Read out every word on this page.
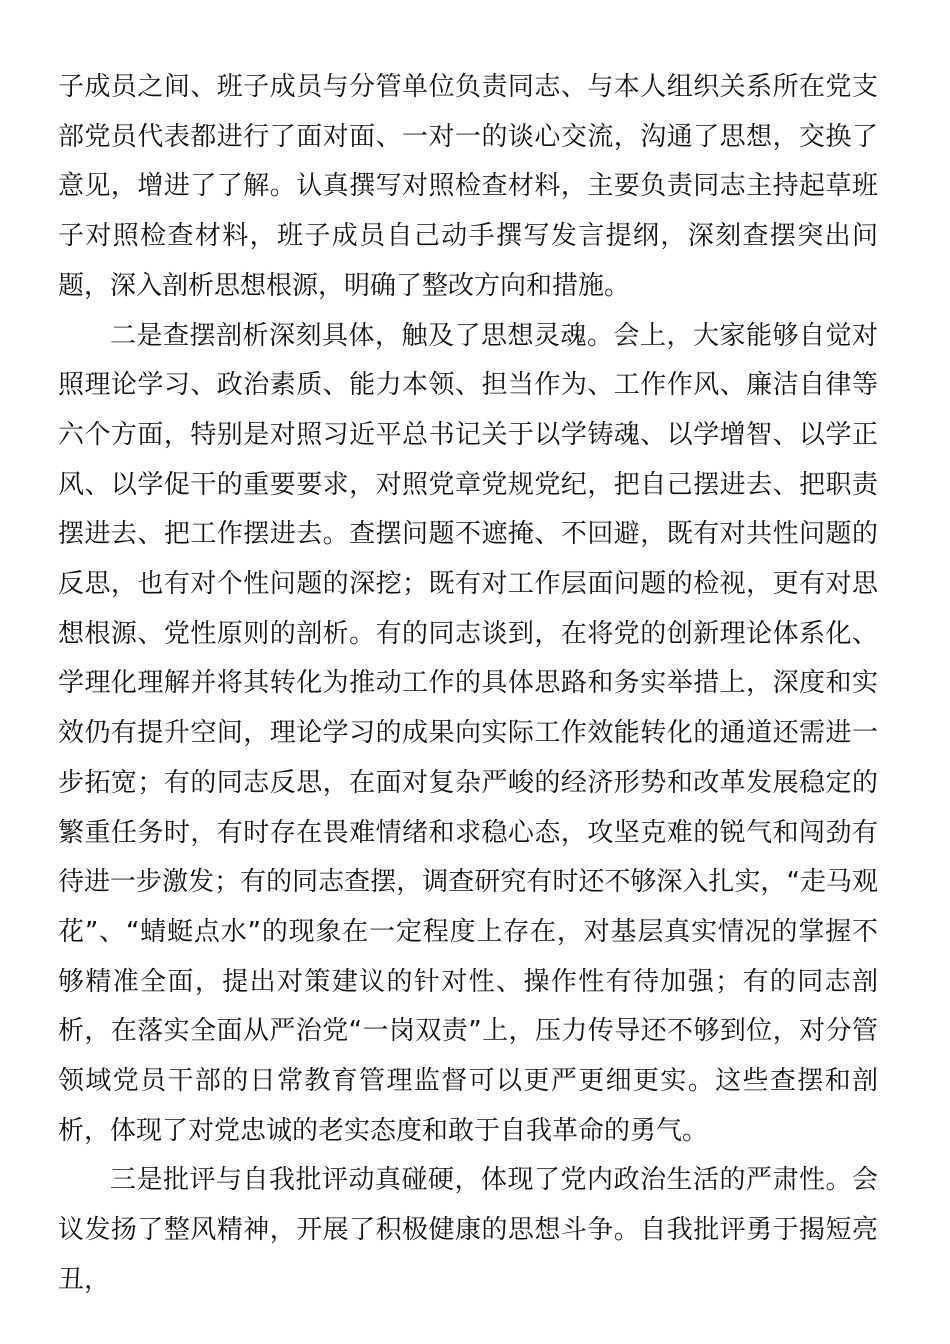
子成员之间、班子成员与分管单位负责同志、与本人组织关系所在党支部党员代表都进行了面对面、一对一的谈心交流，沟通了思想，交换了意见，增进了了解。认真撰写对照检查材料，主要负责同志主持起草班子对照检查材料，班子成员自己动手撰写发言提纲，深刻查摆突出问题，深入剖析思想根源，明确了整改方向和措施。

二是查摆剖析深刻具体，触及了思想灵魂。会上，大家能够自觉对照理论学习、政治素质、能力本领、担当作为、工作作风、廉洁自律等六个方面，特别是对照习近平总书记关于以学铸魂、以学增智、以学正风、以学促干的重要要求，对照党章党规党纪，把自己摆进去、把职责摆进去、把工作摆进去。查摆问题不遮掩、不回避，既有对共性问题的反思，也有对个性问题的深挖；既有对工作层面问题的检视，更有对思想根源、党性原则的剖析。有的同志谈到，在将党的创新理论体系化、学理化理解并将其转化为推动工作的具体思路和务实举措上，深度和实效仍有提升空间，理论学习的成果向实际工作效能转化的通道还需进一步拓宽；有的同志反思，在面对复杂严峻的经济形势和改革发展稳定的繁重任务时，有时存在畏难情绪和求稳心态，攻坚克难的锐气和闯劲有待进一步激发；有的同志查摆，调查研究有时还不够深入扎实，“走马观花”、“蜻蜓点水”的现象在一定程度上存在，对基层真实情况的掌握不够精准全面，提出对策建议的针对性、操作性有待加强；有的同志剖析，在落实全面从严治党“一岗双责”上，压力传导还不够到位，对分管领域党员干部的日常教育管理监督可以更严更细更实。这些查摆和剖析，体现了对党忠诚的老实态度和敢于自我革命的勇气。

三是批评与自我批评动真碰硬，体现了党内政治生活的严肃性。会议发扬了整风精神，开展了积极健康的思想斗争。自我批评勇于揭短亮丑，
